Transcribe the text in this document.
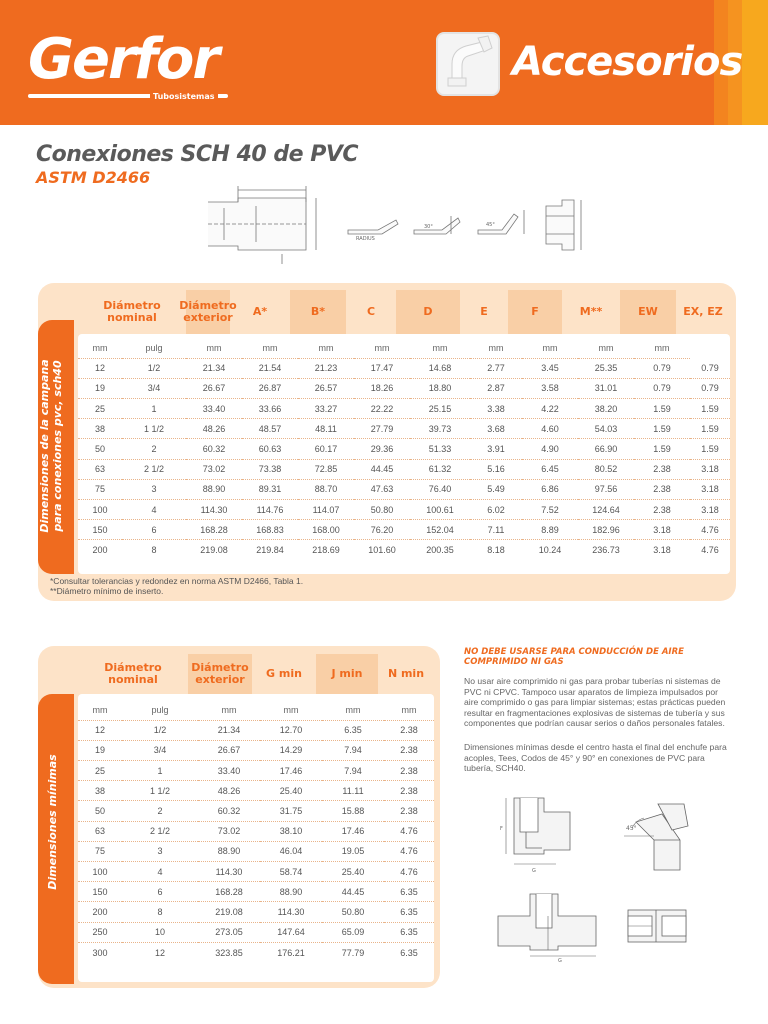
Gerfor
Tubosistemas
Accesorios
Conexiones SCH 40 de PVC
ASTM D2466
RADIUS
30°	45°
Dimensiones de la campana para conexiones pvc, sch40
Diámetro nominal
Diámetro exterior	A*	B*	C	D	E	F	M**	EW	EX, EZ
mm	pulg	mm	mm	mm	mm	mm	mm	mm	mm	mm	
12	1/2	21.34	21.54	21.23	17.47	14.68	2.77	3.45	25.35	0.79	0.79
19	3/4	26.67	26.87	26.57	18.26	18.80	2.87	3.58	31.01	0.79	0.79
25	1	33.40	33.66	33.27	22.22	25.15	3.38	4.22	38.20	1.59	1.59
38	1 1/2	48.26	48.57	48.11	27.79	39.73	3.68	4.60	54.03	1.59	1.59
50	2	60.32	60.63	60.17	29.36	51.33	3.91	4.90	66.90	1.59	1.59
63	2 1/2	73.02	73.38	72.85	44.45	61.32	5.16	6.45	80.52	2.38	3.18
75	3	88.90	89.31	88.70	47.63	76.40	5.49	6.86	97.56	2.38	3.18
100	4	114.30	114.76	114.07	50.80	100.61	6.02	7.52	124.64	2.38	3.18
150	6	168.28	168.83	168.00	76.20	152.04	7.11	8.89	182.96	3.18	4.76
200	8	219.08	219.84	218.69	101.60	200.35	8.18	10.24	236.73	3.18	4.76
*Consultar tolerancias y redondez en norma ASTM D2466, Tabla 1.
**Diámetro mínimo de inserto.
Dimensiones mínimas
Diámetro nominal
Diámetro exterior	G min	J min	N min
mm	pulg	mm	mm	mm	mm
12	1/2	21.34	12.70	6.35	2.38
19	3/4	26.67	14.29	7.94	2.38
25	1	33.40	17.46	7.94	2.38
38	1 1/2	48.26	25.40	11.11	2.38
50	2	60.32	31.75	15.88	2.38
63	2 1/2	73.02	38.10	17.46	4.76
75	3	88.90	46.04	19.05	4.76
100	4	114.30	58.74	25.40	4.76
150	6	168.28	88.90	44.45	6.35
200	8	219.08	114.30	50.80	6.35
250	10	273.05	147.64	65.09	6.35
300	12	323.85	176.21	77.79	6.35
NO DEBE USARSE PARA CONDUCCIÓN DE AIRE COMPRIMIDO NI GAS
No usar aire comprimido ni gas para probar tuberías ni sistemas de PVC ni CPVC. Tampoco usar aparatos de limpieza impulsados por aire comprimido o gas para limpiar sistemas; estas prácticas pueden resultar en fragmentaciones explosivas de sistemas de tubería y sus componentes que podrían causar serios o daños personales fatales.
Dimensiones mínimas desde el centro hasta el final del enchufe para acoples, Tees, Codos de 45° y 90° en conexiones de PVC para tubería, SCH40.
F
G
45°
G
